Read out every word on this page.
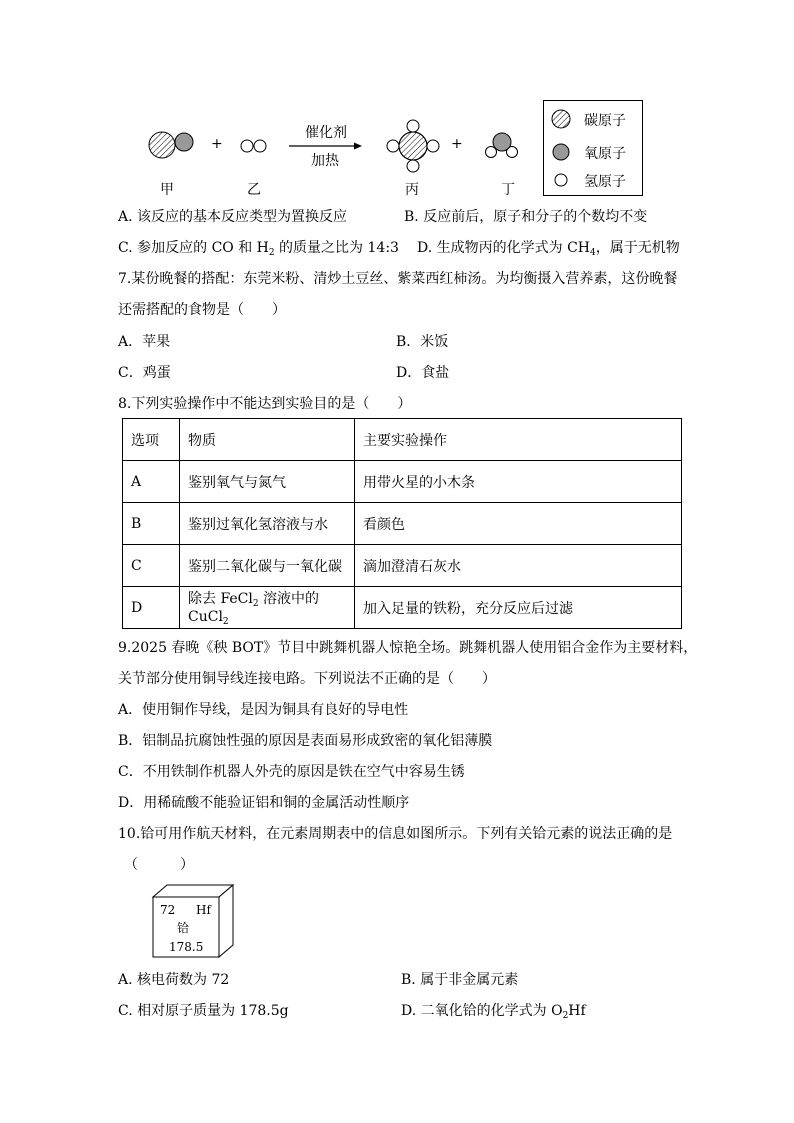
+	+
催化剂
加热
甲	乙	丙	丁
碳原子
氧原子
氢原子
A. 该反应的基本反应类型为置换反应	B. 反应前后，原子和分子的个数均不变
C. 参加反应的 CO 和 $H_2$ 的质量之比为 14:3 D. 生成物丙的化学式为 $CH_4$，属于无机物
7.某份晚餐的搭配：东莞米粉、清炒土豆丝、紫菜西红柿汤。为均衡摄入营养素，这份晚餐
还需搭配的食物是（　　）
A．苹果	B．米饭
C．鸡蛋	D．食盐
8.下列实验操作中不能达到实验目的是（　　）
选项	物质	主要实验操作
A	鉴别氧气与氮气	用带火星的小木条
B	鉴别过氧化氢溶液与水	看颜色
C	鉴别二氧化碳与一氧化碳	滴加澄清石灰水
D	除去 FeCl$_2$ 溶液中的 CuCl$_2$	加入足量的铁粉，充分反应后过滤
9.2025 春晚《秧 BOT》节目中跳舞机器人惊艳全场。跳舞机器人使用铝合金作为主要材料，
关节部分使用铜导线连接电路。下列说法不正确的是（　　）
A．使用铜作导线，是因为铜具有良好的导电性
B．铝制品抗腐蚀性强的原因是表面易形成致密的氧化铝薄膜
C．不用铁制作机器人外壳的原因是铁在空气中容易生锈
D．用稀硫酸不能验证铝和铜的金属活动性顺序
10.铪可用作航天材料，在元素周期表中的信息如图所示。下列有关铪元素的说法正确的是
（　　　）
72 Hf
铪
178.5
A. 核电荷数为 72	B. 属于非金属元素
C. 相对原子质量为 178.5g	D. 二氧化铪的化学式为 $O_2Hf$
